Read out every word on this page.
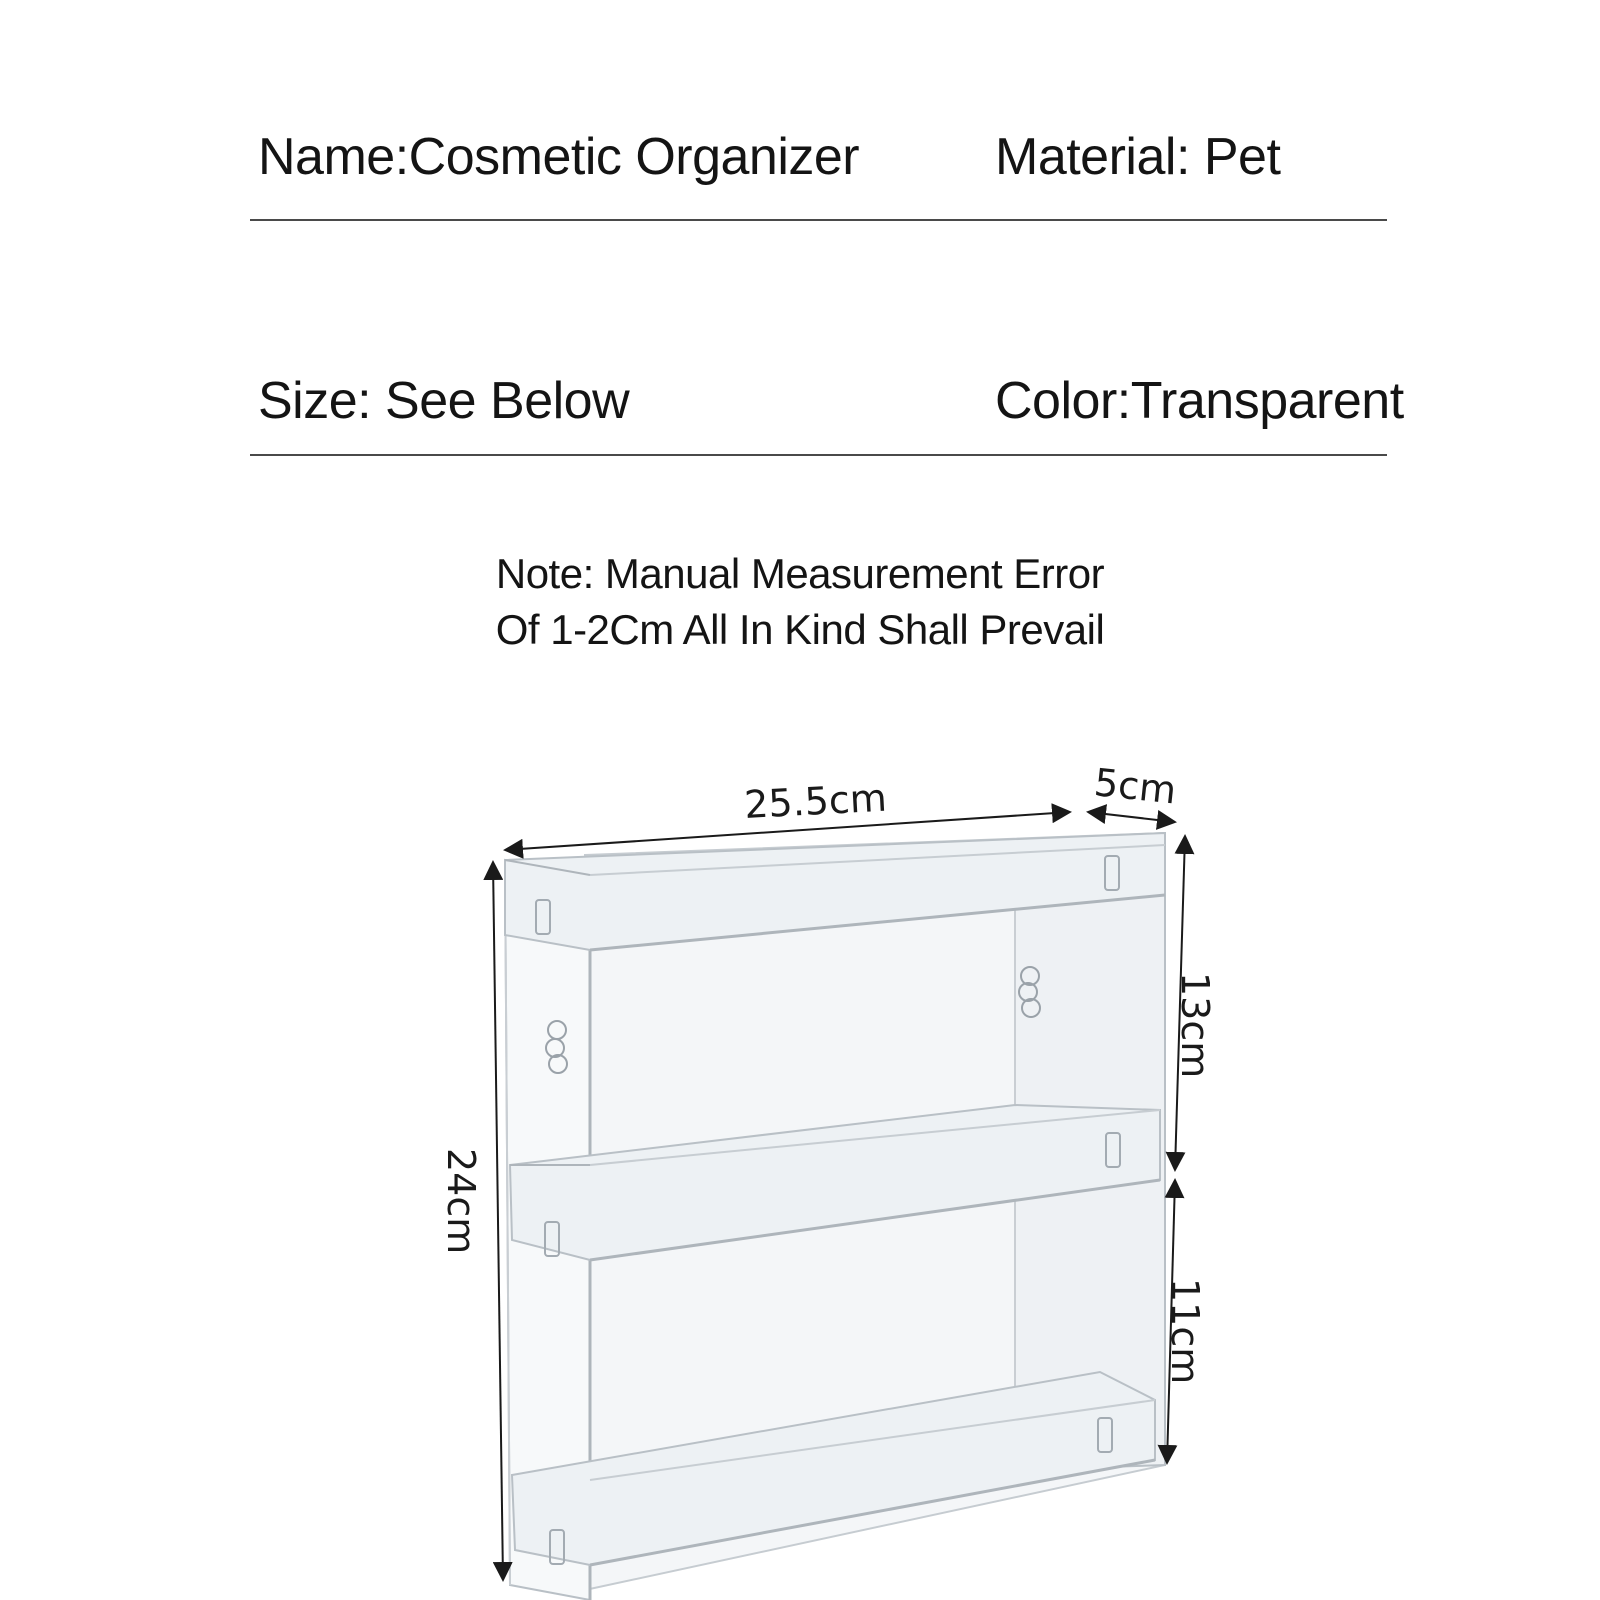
Name:Cosmetic Organizer	Material: Pet
Size: See Below	Color:Transparent
Note: Manual Measurement Error
Of 1-2Cm All In Kind Shall Prevail
25.5cm	5cm
24cm
13cm
11cm
